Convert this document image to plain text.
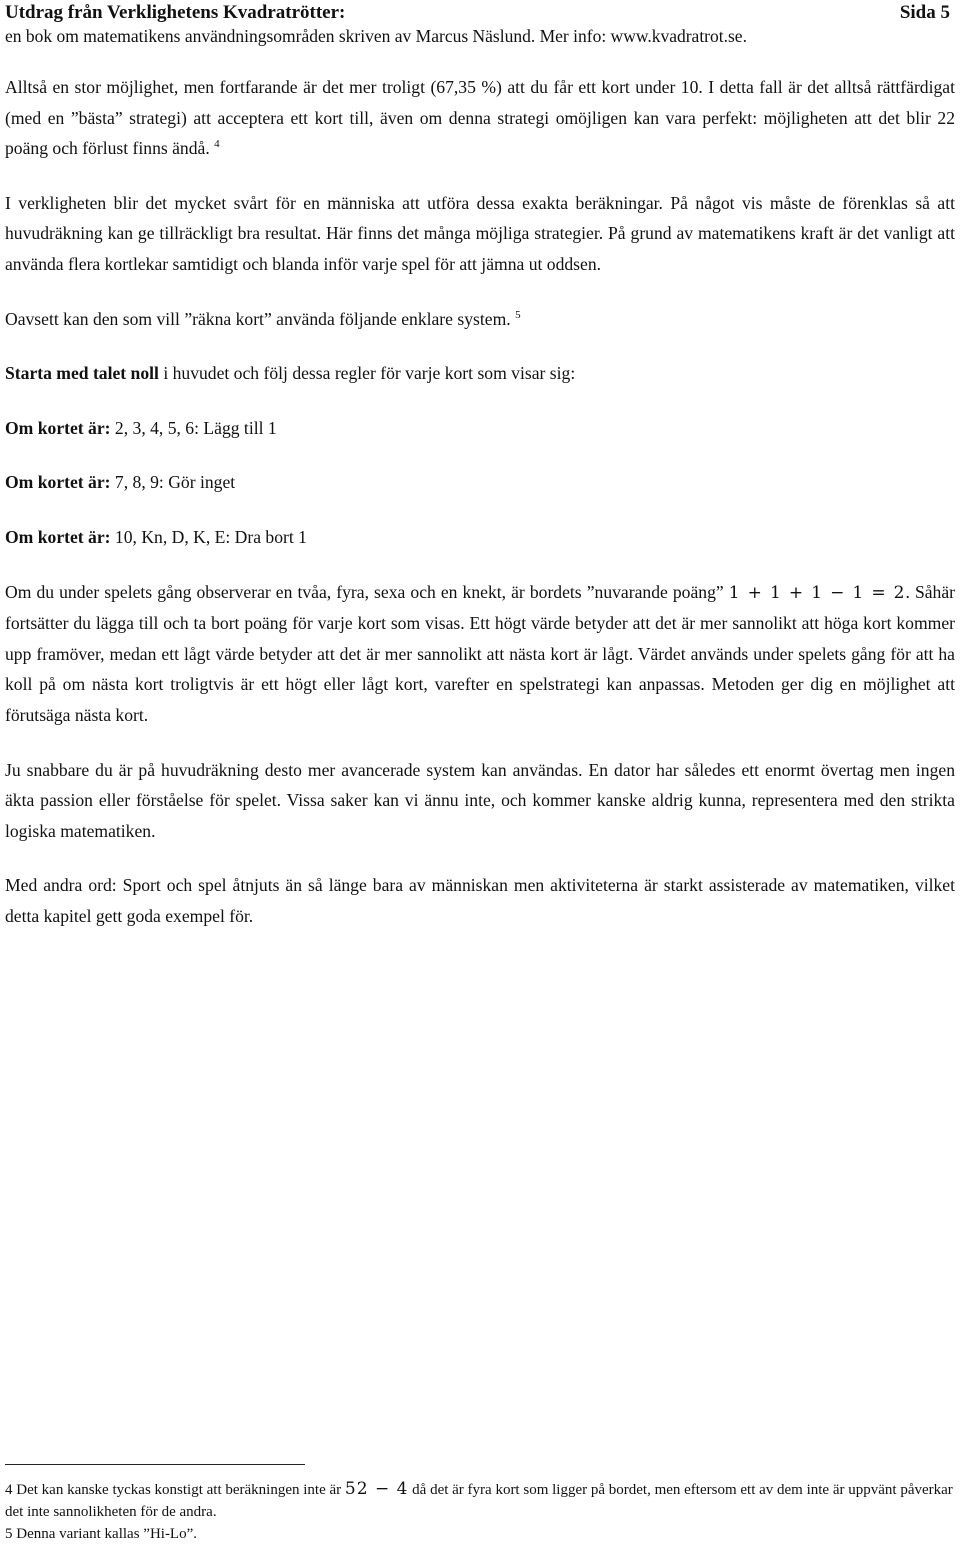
Utdrag från Verklighetens Kvadratrötter:	Sida 5
en bok om matematikens användningsområden skriven av Marcus Näslund. Mer info: www.kvadratrot.se.

Alltså en stor möjlighet, men fortfarande är det mer troligt (67,35 %) att du får ett kort under 10. I detta fall är det alltså rättfärdigat (med en ”bästa” strategi) att acceptera ett kort till, även om denna strategi omöjligen kan vara perfekt: möjligheten att det blir 22 poäng och förlust finns ändå. $^4$

I verkligheten blir det mycket svårt för en människa att utföra dessa exakta beräkningar. På något vis måste de förenklas så att huvudräkning kan ge tillräckligt bra resultat. Här finns det många möjliga strategier. På grund av matematikens kraft är det vanligt att använda flera kortlekar samtidigt och blanda inför varje spel för att jämna ut oddsen.

Oavsett kan den som vill ”räkna kort” använda följande enklare system. $^5$

Starta med talet noll i huvudet och följ dessa regler för varje kort som visar sig:

Om kortet är: 2, 3, 4, 5, 6: Lägg till 1

Om kortet är: 7, 8, 9: Gör inget

Om kortet är: 10, Kn, D, K, E: Dra bort 1

Om du under spelets gång observerar en tvåa, fyra, sexa och en knekt, är bordets ”nuvarande poäng” 1 + 1 + 1 − 1 = 2. Såhär fortsätter du lägga till och ta bort poäng för varje kort som visas. Ett högt värde betyder att det är mer sannolikt att höga kort kommer upp framöver, medan ett lågt värde betyder att det är mer sannolikt att nästa kort är lågt. Värdet används under spelets gång för att ha koll på om nästa kort troligtvis är ett högt eller lågt kort, varefter en spelstrategi kan anpassas. Metoden ger dig en möjlighet att förutsäga nästa kort.

Ju snabbare du är på huvudräkning desto mer avancerade system kan användas. En dator har således ett enormt övertag men ingen äkta passion eller förståelse för spelet. Vissa saker kan vi ännu inte, och kommer kanske aldrig kunna, representera med den strikta logiska matematiken.

Med andra ord: Sport och spel åtnjuts än så länge bara av människan men aktiviteterna är starkt assisterade av matematiken, vilket detta kapitel gett goda exempel för.

4 Det kan kanske tyckas konstigt att beräkningen inte är 52 − 4 då det är fyra kort som ligger på bordet, men eftersom ett av dem inte är uppvänt påverkar det inte sannolikheten för de andra.
5 Denna variant kallas ”Hi-Lo”.
